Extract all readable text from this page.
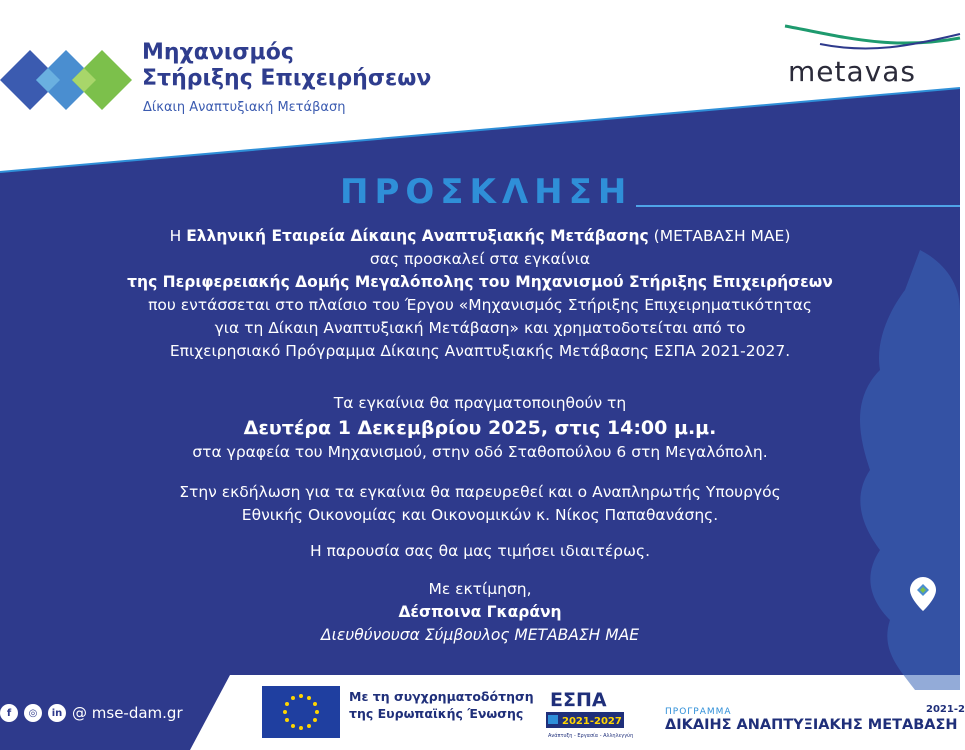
Μηχανισμός
Στήριξης Επιχειρήσεων
Δίκαιη Αναπτυξιακή Μετάβαση
metavas
ΠΡΟΣΚΛΗΣΗ
Η Ελληνική Εταιρεία Δίκαιης Αναπτυξιακής Μετάβασης (ΜΕΤΑΒΑΣΗ ΜΑΕ)
σας προσκαλεί στα εγκαίνια
της Περιφερειακής Δομής Μεγαλόπολης του Μηχανισμού Στήριξης Επιχειρήσεων
που εντάσσεται στο πλαίσιο του Έργου «Μηχανισμός Στήριξης Επιχειρηματικότητας
για τη Δίκαιη Αναπτυξιακή Μετάβαση» και χρηματοδοτείται από το
Επιχειρησιακό Πρόγραμμα Δίκαιης Αναπτυξιακής Μετάβασης ΕΣΠΑ 2021-2027.
Τα εγκαίνια θα πραγματοποιηθούν τη
Δευτέρα 1 Δεκεμβρίου 2025, στις 14:00 μ.μ.
στα γραφεία του Μηχανισμού, στην οδό Σταθοπούλου 6 στη Μεγαλόπολη.
Στην εκδήλωση για τα εγκαίνια θα παρευρεθεί και ο Αναπληρωτής Υπουργός
Εθνικής Οικονομίας και Οικονομικών κ. Νίκος Παπαθανάσης.
Η παρουσία σας θα μας τιμήσει ιδιαιτέρως.
Με εκτίμηση,
Δέσποινα Γκαράνη
Διευθύνουσα Σύμβουλος ΜΕΤΑΒΑΣΗ ΜΑΕ
f	◎	in @ mse-dam.gr
Με τη συγχρηματοδότηση
της Ευρωπαϊκής Ένωσης
ΕΣΠΑ
2021-2027
Ανάπτυξη - Εργασία - Αλληλεγγύη
ΠΡΟΓΡΑΜΜΑ
ΔΙΚΑΙΗΣ ΑΝΑΠΤΥΞΙΑΚΗΣ ΜΕΤΑΒΑΣΗ
2021-2
